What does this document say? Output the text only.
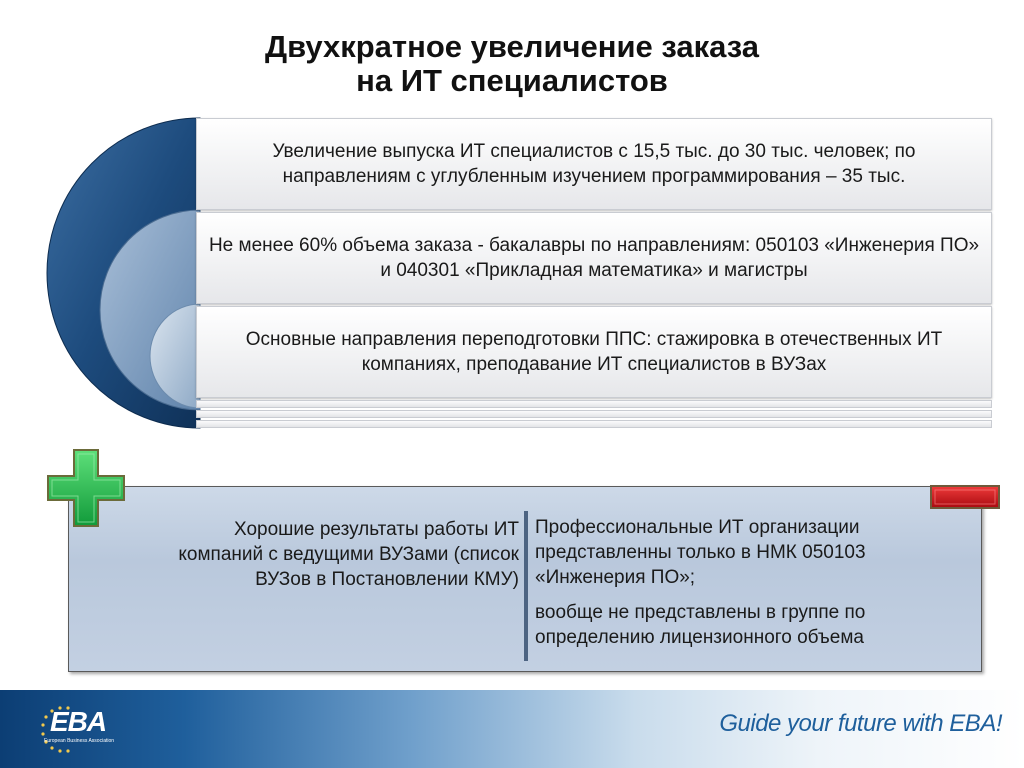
Двухкратное увеличение заказа
на ИТ специалистов
Увеличение выпуска ИТ специалистов с 15,5 тыс. до 30 тыс. человек; по направлениям с углубленным изучением программирования – 35 тыс.
Не менее 60% объема заказа - бакалавры по направлениям: 050103 «Инженерия ПО» и 040301 «Прикладная математика» и магистры
Основные направления переподготовки ППС: стажировка в отечественных ИТ компаниях, преподавание ИТ специалистов в ВУЗах
Хорошие результаты работы ИТ компаний с ведущими ВУЗами (список ВУЗов в Постановлении КМУ)

Профессиональные ИТ организации представленны только в НМК 050103 «Инженерия ПО»;

вообще не представлены в группе по определению лицензионного объема

EBA
European Business Association
Guide your future with EBA!
